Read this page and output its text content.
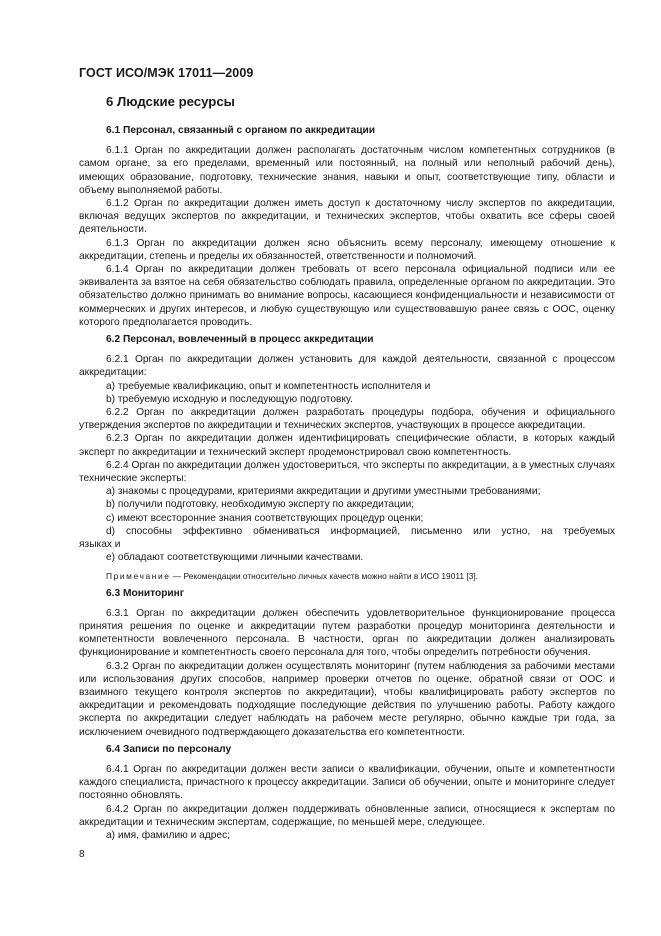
ГОСТ ИСО/МЭК 17011—2009
6 Людские ресурсы
6.1 Персонал, связанный с органом по аккредитации

6.1.1 Орган по аккредитации должен располагать достаточным числом компетентных сотрудников (в самом органе, за его пределами, временный или постоянный, на полный или неполный рабочий день), имеющих образование, подготовку, технические знания, навыки и опыт, соответствующие типу, области и объему выполняемой работы.

6.1.2 Орган по аккредитации должен иметь доступ к достаточному числу экспертов по аккредитации, включая ведущих экспертов по аккредитации, и технических экспертов, чтобы охватить все сферы своей деятельности.

6.1.3 Орган по аккредитации должен ясно объяснить всему персоналу, имеющему отношение к аккредитации, степень и пределы их обязанностей, ответственности и полномочий.

6.1.4 Орган по аккредитации должен требовать от всего персонала официальной подписи или ее эквивалента за взятое на себя обязательство соблюдать правила, определенные органом по аккредитации. Это обязательство должно принимать во внимание вопросы, касающиеся конфиденциальности и независимости от коммерческих и других интересов, и любую существующую или существовавшую ранее связь с ООС, оценку которого предполагается проводить.

6.2 Персонал, вовлеченный в процесс аккредитации

6.2.1 Орган по аккредитации должен установить для каждой деятельности, связанной с процессом аккредитации:

a) требуемые квалификацию, опыт и компетентность исполнителя и

b) требуемую исходную и последующую подготовку.

6.2.2 Орган по аккредитации должен разработать процедуры подбора, обучения и официального утверждения экспертов по аккредитации и технических экспертов, участвующих в процессе аккредитации.

6.2.3 Орган по аккредитации должен идентифицировать специфические области, в которых каждый эксперт по аккредитации и технический эксперт продемонстрировал свою компетентность.

6.2.4 Орган по аккредитации должен удостовериться, что эксперты по аккредитации, а в уместных случаях технические эксперты:

a) знакомы с процедурами, критериями аккредитации и другими уместными требованиями;

b) получили подготовку, необходимую эксперту по аккредитации;

c) имеют всесторонние знания соответствующих процедур оценки;

d) способны эффективно обмениваться информацией, письменно или устно, на требуемых

языках и

e) обладают соответствующими личными качествами.

Примечание — Рекомендации относительно личных качеств можно найти в ИСО 19011 [3].

6.3 Мониторинг

6.3.1 Орган по аккредитации должен обеспечить удовлетворительное функционирование процесса принятия решения по оценке и аккредитации путем разработки процедур мониторинга деятельности и компетентности вовлеченного персонала. В частности, орган по аккредитации должен анализировать функционирование и компетентность своего персонала для того, чтобы определить потребности обучения.

6.3.2 Орган по аккредитации должен осуществлять мониторинг (путем наблюдения за рабочими местами или использования других способов, например проверки отчетов по оценке, обратной связи от ООС и взаимного текущего контроля экспертов по аккредитации), чтобы квалифицировать работу экспертов по аккредитации и рекомендовать подходящие последующие действия по улучшению работы. Работу каждого эксперта по аккредитации следует наблюдать на рабочем месте регулярно, обычно каждые три года, за исключением очевидного подтверждающего доказательства его компетентности.

6.4 Записи по персоналу

6.4.1 Орган по аккредитации должен вести записи о квалификации, обучении, опыте и компетентности каждого специалиста, причастного к процессу аккредитации. Записи об обучении, опыте и мониторинге следует постоянно обновлять.

6.4.2 Орган по аккредитации должен поддерживать обновленные записи, относящиеся к экспертам по аккредитации и техническим экспертам, содержащие, по меньшей мере, следующее.

a) имя, фамилию и адрес;

8
